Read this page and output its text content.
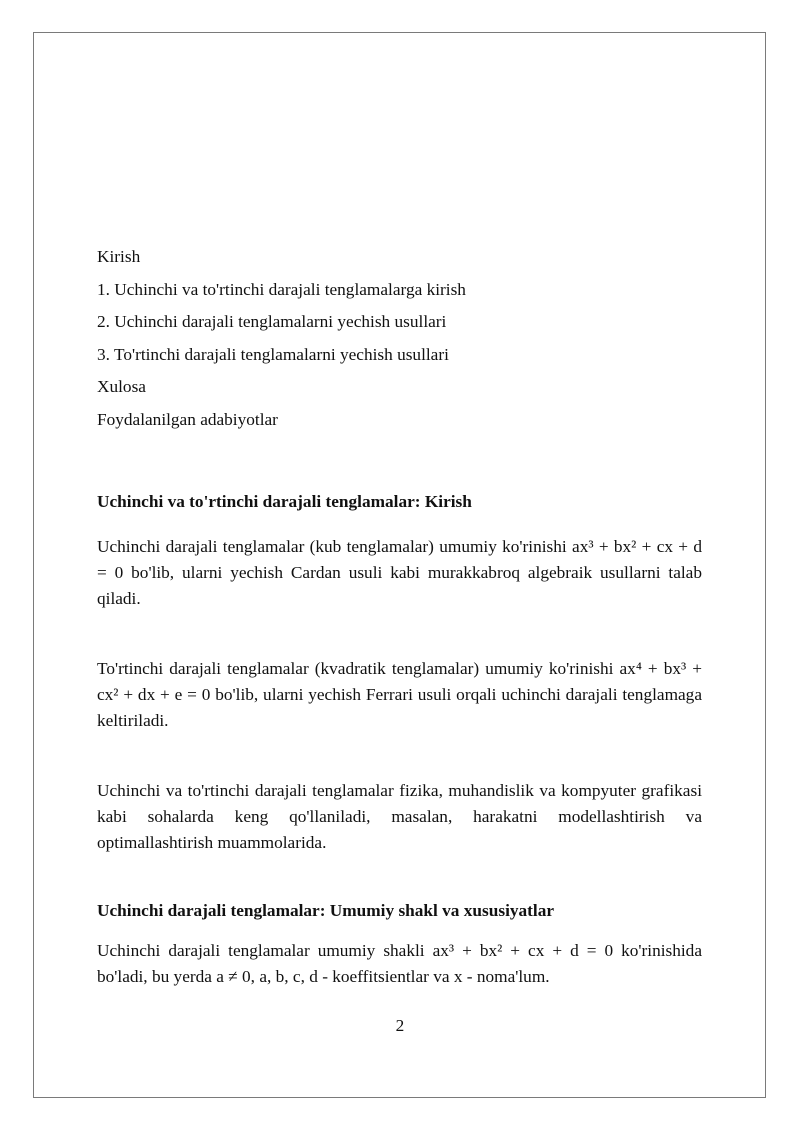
Kirish
1. Uchinchi va to'rtinchi darajali tenglamalarga kirish
2. Uchinchi darajali tenglamalarni yechish usullari
3. To'rtinchi darajali tenglamalarni yechish usullari
Xulosa
Foydalanilgan adabiyotlar
Uchinchi va to'rtinchi darajali tenglamalar: Kirish
Uchinchi darajali tenglamalar (kub tenglamalar) umumiy ko'rinishi ax³ + bx² + cx + d = 0 bo'lib, ularni yechish Cardan usuli kabi murakkabroq algebraik usullarni talab qiladi.
To'rtinchi darajali tenglamalar (kvadratik tenglamalar) umumiy ko'rinishi ax⁴ + bx³ + cx² + dx + e = 0 bo'lib, ularni yechish Ferrari usuli orqali uchinchi darajali tenglamaga keltiriladi.
Uchinchi va to'rtinchi darajali tenglamalar fizika, muhandislik va kompyuter grafikasi kabi sohalarda keng qo'llaniladi, masalan, harakatni modellashtirish va optimallashtirish muammolarida.
Uchinchi darajali tenglamalar: Umumiy shakl va xususiyatlar
Uchinchi darajali tenglamalar umumiy shakli ax³ + bx² + cx + d = 0 ko'rinishida bo'ladi, bu yerda a ≠ 0, a, b, c, d - koeffitsientlar va x - noma'lum.
2
